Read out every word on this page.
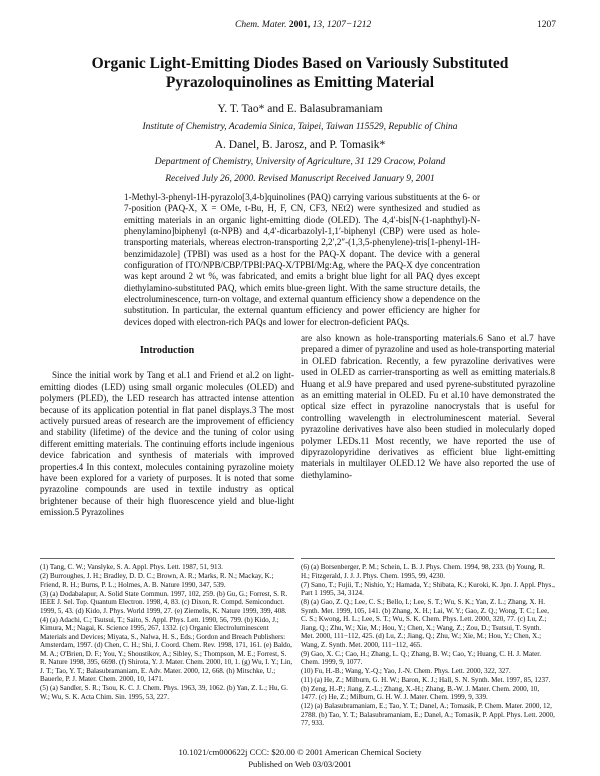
Chem. Mater. 2001, 13, 1207−1212	1207
Organic Light-Emitting Diodes Based on Variously Substituted Pyrazoloquinolines as Emitting Material
Y. T. Tao* and E. Balasubramaniam
Institute of Chemistry, Academia Sinica, Taipei, Taiwan 115529, Republic of China
A. Danel, B. Jarosz, and P. Tomasik*
Department of Chemistry, University of Agriculture, 31 129 Cracow, Poland
Received July 26, 2000. Revised Manuscript Received January 9, 2001
1-Methyl-3-phenyl-1H-pyrazolo[3,4-b]quinolines (PAQ) carrying various substituents at the 6- or 7-position (PAQ-X, X = OMe, t-Bu, H, F, CN, CF3, NEt2) were synthesized and studied as emitting materials in an organic light-emitting diode (OLED). The 4,4′-bis[N-(1-naphthyl)-N-phenylamino]biphenyl (α-NPB) and 4,4′-dicarbazolyl-1,1′-biphenyl (CBP) were used as hole-transporting materials, whereas electron-transporting 2,2′,2″-(1,3,5-phenylene)-tris[1-phenyl-1H-benzimidazole] (TPBI) was used as a host for the PAQ-X dopant. The device with a general configuration of ITO/NPB/CBP/TPBI:PAQ-X/TPBI/Mg:Ag, where the PAQ-X dye concentration was kept around 2 wt %, was fabricated, and emits a bright blue light for all PAQ dyes except diethylamino-substituted PAQ, which emits blue-green light. With the same structure details, the electroluminescence, turn-on voltage, and external quantum efficiency show a dependence on the substitution. In particular, the external quantum efficiency and power efficiency are higher for devices doped with electron-rich PAQs and lower for electron-deficient PAQs.
Introduction

Since the initial work by Tang et al.1 and Friend et al.2 on light-emitting diodes (LED) using small organic molecules (OLED) and polymers (PLED), the LED research has attracted intense attention because of its application potential in flat panel displays.3 The most actively pursued areas of research are the improvement of efficiency and stability (lifetime) of the device and the tuning of color using different emitting materials. The continuing efforts include ingenious device fabrication and synthesis of materials with improved properties.4 In this context, molecules containing pyrazoline moiety have been explored for a variety of purposes. It is noted that some pyrazoline compounds are used in textile industry as optical brightener because of their high fluorescence yield and blue-light emission.5 Pyrazolines

are also known as hole-transporting materials.6 Sano et al.7 have prepared a dimer of pyrazoline and used as hole-transporting material in OLED fabrication. Recently, a few pyrazoline derivatives were used in OLED as carrier-transporting as well as emitting materials.8 Huang et al.9 have prepared and used pyrene-substituted pyrazoline as an emitting material in OLED. Fu et al.10 have demonstrated the optical size effect in pyrazoline nanocrystals that is useful for controlling wavelength in electroluminescent material. Several pyrazoline derivatives have also been studied in molecularly doped polymer LEDs.11 Most recently, we have reported the use of dipyrazolopyridine derivatives as efficient blue light-emitting materials in multilayer OLED.12 We have also reported the use of diethylamino-

(1) Tang, C. W.; Vanslyke, S. A. Appl. Phys. Lett. 1987, 51, 913.
(2) Burroughes, J. H.; Bradley, D. D. C.; Brown, A. R.; Marks, R. N.; Mackay, K.; Friend, R. H.; Burns, P. L.; Holmes, A. B. Nature 1990, 347, 539.
(3) (a) Dodabalapur, A. Solid State Commun. 1997, 102, 259. (b) Gu, G.; Forrest, S. R. IEEE J. Sel. Top. Quantum Electron. 1998, 4, 83. (c) Dixon, R. Compd. Semiconduct. 1999, 5, 43. (d) Kido, J. Phys. World 1999, 27. (e) Ziemelis, K. Nature 1999, 399, 408.
(4) (a) Adachi, C.; Tsutsui, T.; Saito, S. Appl. Phys. Lett. 1990, 56, 799. (b) Kido, J.; Kimura, M.; Nagai, K. Science 1995, 267, 1332. (c) Organic Electroluminescent Materials and Devices; Miyata, S., Nalwa, H. S., Eds.; Gordon and Breach Publishers: Amsterdam, 1997. (d) Chen, C. H.; Shi, J. Coord. Chem. Rev. 1998, 171, 161. (e) Baldo, M. A.; O'Brien, D. F.; You, Y.; Shoustikov, A.; Sibley, S.; Thompson, M. E.; Forrest, S. R. Nature 1998, 395, 6698. (f) Shirota, Y. J. Mater. Chem. 2000, 10, 1. (g) Wu, I. Y.; Lin, J. T.; Tao, Y. T.; Balasubramaniam, E. Adv. Mater. 2000, 12, 668. (h) Mitschke, U.; Bauerle, P. J. Mater. Chem. 2000, 10, 1471.
(5) (a) Sandler, S. R.; Tsou, K. C. J. Chem. Phys. 1963, 39, 1062. (b) Yan, Z. L.; Hu, G. W.; Wu, S. K. Acta Chim. Sin. 1995, 53, 227.
(6) (a) Borsenberger, P. M.; Schein, L. B. J. Phys. Chem. 1994, 98, 233. (b) Young, R. H.; Fitzgerald, J. J. J. Phys. Chem. 1995, 99, 4230.
(7) Sano, T.; Fujii, T.; Nishio, Y.; Hamada, Y.; Shibata, K.; Kuroki, K. Jpn. J. Appl. Phys., Part 1 1995, 34, 3124.
(8) (a) Gao, Z. Q.; Lee, C. S.; Bello, I.; Lee, S. T.; Wu, S. K.; Yan, Z. L.; Zhang, X. H. Synth. Met. 1999, 105, 141. (b) Zhang, X. H.; Lai, W. Y.; Gao, Z. Q.; Wong, T. C.; Lee, C. S.; Kwong, H. L.; Lee, S. T.; Wu, S. K. Chem. Phys. Lett. 2000, 320, 77. (c) Lu, Z.; Jiang, Q.; Zhu, W.; Xie, M.; Hou, Y.; Chen, X.; Wang, Z.; Zou, D.; Tsutsui, T. Synth. Met. 2000, 111−112, 425. (d) Lu, Z.; Jiang, Q.; Zhu, W.; Xie, M.; Hou, Y.; Chen, X.; Wang, Z. Synth. Met. 2000, 111−112, 465.
(9) Gao, X. C.; Cao, H.; Zhang, L. Q.; Zhang, B. W.; Cao, Y.; Huang, C. H. J. Mater. Chem. 1999, 9, 1077.
(10) Fu, H.-B.; Wang, Y.-Q.; Yao, J.-N. Chem. Phys. Lett. 2000, 322, 327.
(11) (a) He, Z.; Milburn, G. H. W.; Baron, K. J.; Hall, S. N. Synth. Met. 1997, 85, 1237. (b) Zeng, H.-P.; Jiang, Z.-L.; Zhang, X.-H.; Zhang, B.-W. J. Mater. Chem. 2000, 10, 1477. (c) He, Z.; Milburn, G. H. W. J. Mater. Chem. 1999, 9, 339.
(12) (a) Balasubramaniam, E.; Tao, Y. T.; Danel, A.; Tomasik, P. Chem. Mater. 2000, 12, 2788. (b) Tao, Y. T.; Balasubramaniam, E.; Danel, A.; Tomasik, P. Appl. Phys. Lett. 2000, 77, 933.
10.1021/cm000622j CCC: $20.00 © 2001 American Chemical Society
Published on Web 03/03/2001
